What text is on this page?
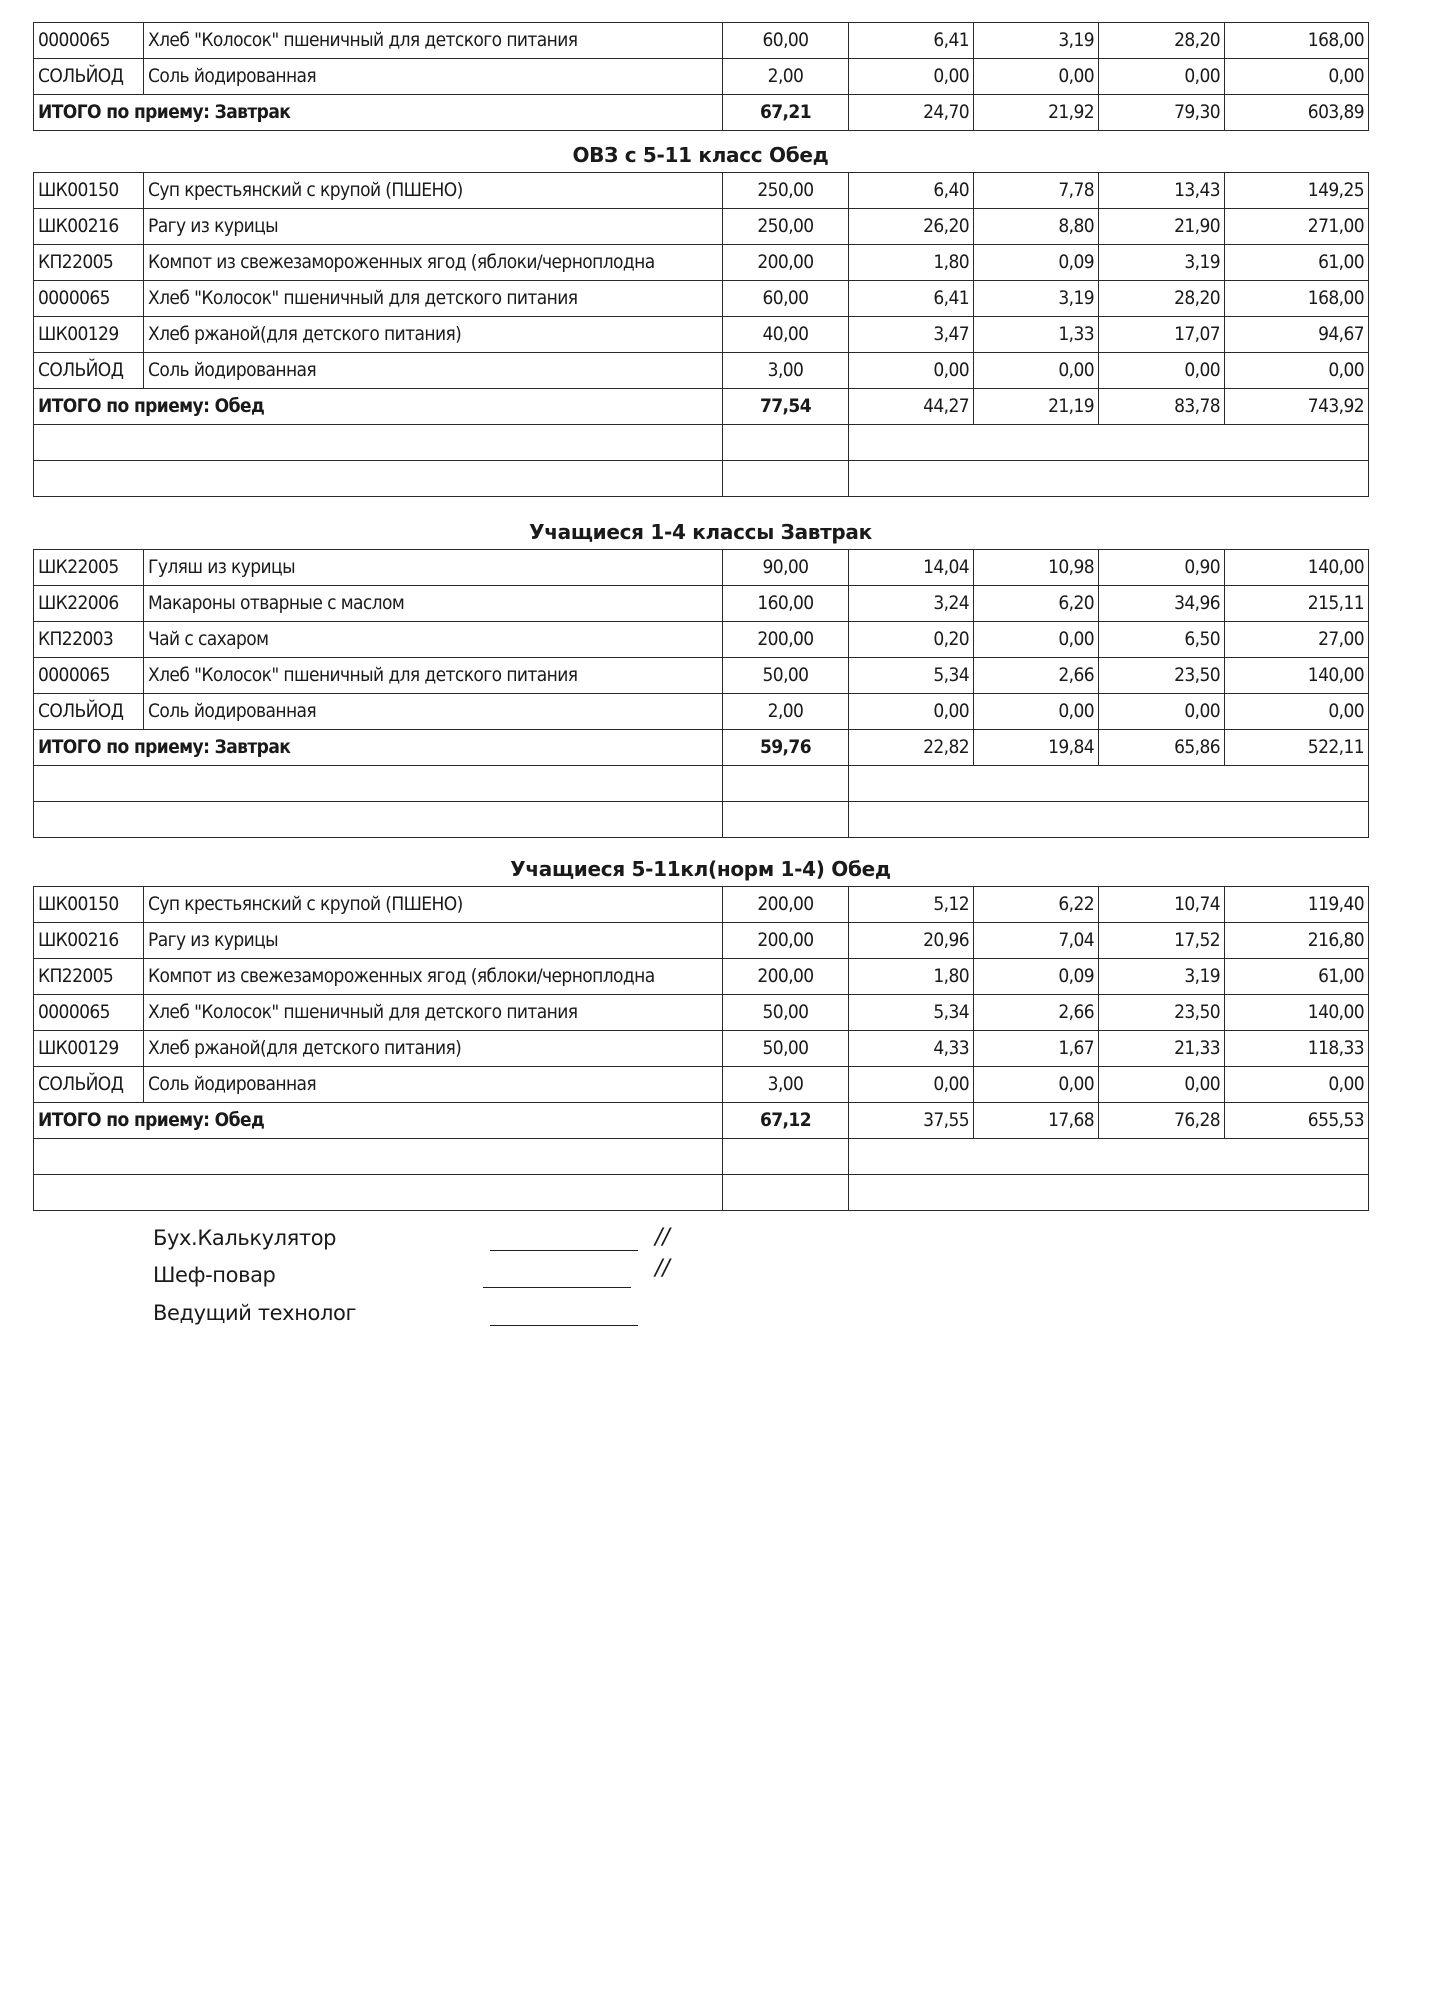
0000065	Хлеб "Колосок" пшеничный для детского питания	60,00	6,41	3,19	28,20	168,00
СОЛЬЙОД	Соль йодированная	2,00	0,00	0,00	0,00	0,00
ИТОГО по приему: Завтрак		67,21	24,70	21,92	79,30	603,89
ОВЗ с 5-11 класс Обед
ШК00150	Суп крестьянский с крупой (ПШЕНО)	250,00	6,40	7,78	13,43	149,25
ШК00216	Рагу из курицы	250,00	26,20	8,80	21,90	271,00
КП22005	Компот из свежезамороженных ягод (яблоки/черноплодна	200,00	1,80	0,09	3,19	61,00
0000065	Хлеб "Колосок" пшеничный для детского питания	60,00	6,41	3,19	28,20	168,00
ШК00129	Хлеб ржаной(для детского питания)	40,00	3,47	1,33	17,07	94,67
СОЛЬЙОД	Соль йодированная	3,00	0,00	0,00	0,00	0,00
ИТОГО по приему: Обед		77,54	44,27	21,19	83,78	743,92

Учащиеся 1-4 классы Завтрак
ШК22005	Гуляш из курицы	90,00	14,04	10,98	0,90	140,00
ШК22006	Макароны отварные с маслом	160,00	3,24	6,20	34,96	215,11
КП22003	Чай с сахаром	200,00	0,20	0,00	6,50	27,00
0000065	Хлеб "Колосок" пшеничный для детского питания	50,00	5,34	2,66	23,50	140,00
СОЛЬЙОД	Соль йодированная	2,00	0,00	0,00	0,00	0,00
ИТОГО по приему: Завтрак		59,76	22,82	19,84	65,86	522,11

Учащиеся 5-11кл(норм 1-4) Обед
ШК00150	Суп крестьянский с крупой (ПШЕНО)	200,00	5,12	6,22	10,74	119,40
ШК00216	Рагу из курицы	200,00	20,96	7,04	17,52	216,80
КП22005	Компот из свежезамороженных ягод (яблоки/черноплодна	200,00	1,80	0,09	3,19	61,00
0000065	Хлеб "Колосок" пшеничный для детского питания	50,00	5,34	2,66	23,50	140,00
ШК00129	Хлеб ржаной(для детского питания)	50,00	4,33	1,67	21,33	118,33
СОЛЬЙОД	Соль йодированная	3,00	0,00	0,00	0,00	0,00
ИТОГО по приему: Обед		67,12	37,55	17,68	76,28	655,53

Бух.Калькулятор	//
Шеф-повар	//
Ведущий технолог
